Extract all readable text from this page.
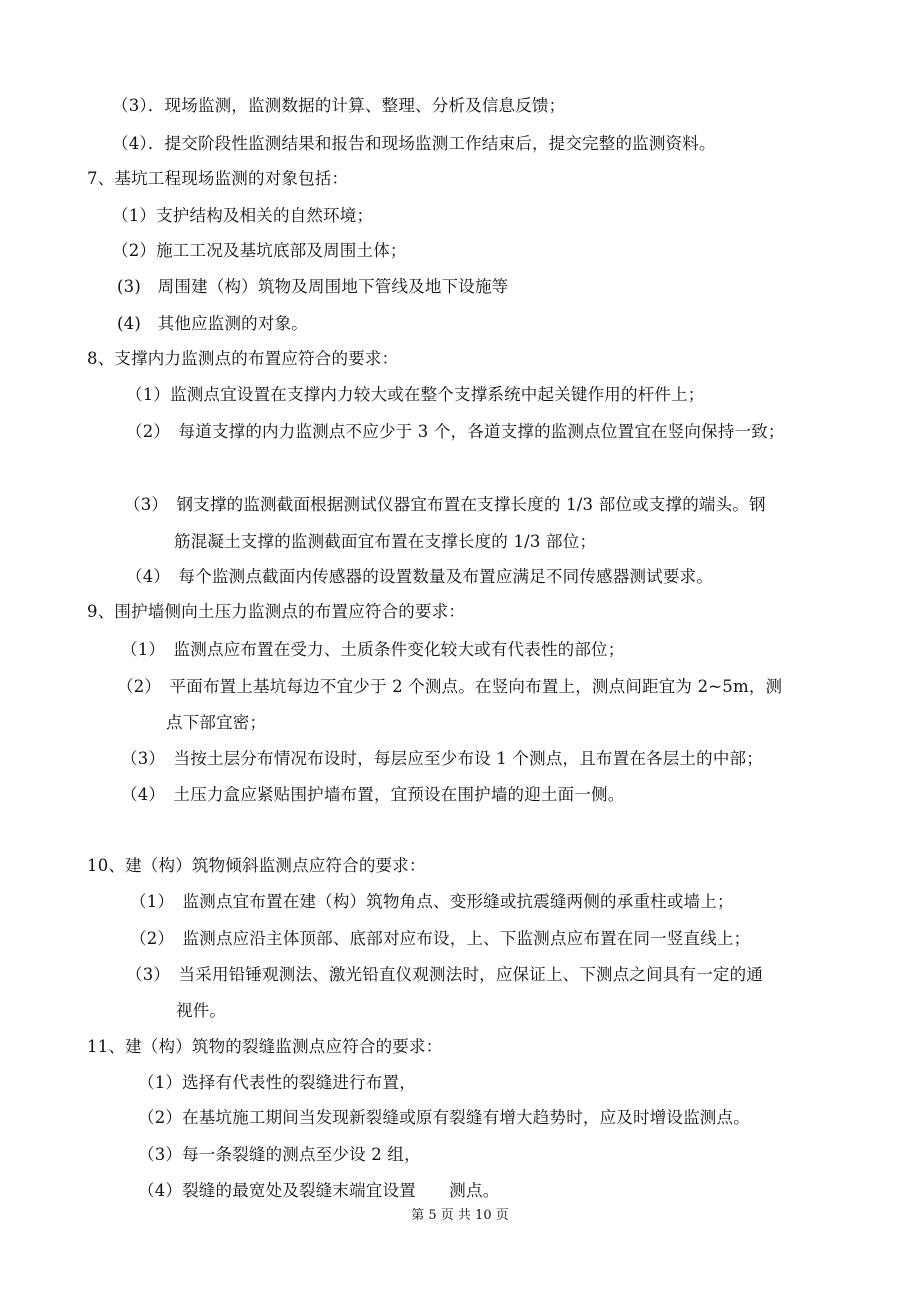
（3）．现场监测，监测数据的计算、整理、分析及信息反馈；
（4）．提交阶段性监测结果和报告和现场监测工作结束后，提交完整的监测资料。
7、基坑工程现场监测的对象包括：
（1）支护结构及相关的自然环境；
（2）施工工况及基坑底部及周围土体；
(3)　周围建（构）筑物及周围地下管线及地下设施等
(4)　其他应监测的对象。
8、支撑内力监测点的布置应符合的要求：
（1）监测点宜设置在支撑内力较大或在整个支撑系统中起关键作用的杆件上；
（2）　每道支撑的内力监测点不应少于 3 个，各道支撑的监测点位置宜在竖向保持一致；
（3）　钢支撑的监测截面根据测试仪器宜布置在支撑长度的 1/3 部位或支撑的端头。钢
筋混凝土支撑的监测截面宜布置在支撑长度的 1/3 部位；
（4）　每个监测点截面内传感器的设置数量及布置应满足不同传感器测试要求。
9、围护墙侧向土压力监测点的布置应符合的要求：
（1）　监测点应布置在受力、土质条件变化较大或有代表性的部位；
（2）　平面布置上基坑每边不宜少于 2 个测点。在竖向布置上，测点间距宜为 2~5m，测
点下部宜密；
（3）　当按土层分布情况布设时，每层应至少布设 1 个测点，且布置在各层土的中部；
（4）　土压力盒应紧贴围护墙布置，宜预设在围护墙的迎土面一侧。
10、建（构）筑物倾斜监测点应符合的要求：
（1）　监测点宜布置在建（构）筑物角点、变形缝或抗震缝两侧的承重柱或墙上；
（2）　监测点应沿主体顶部、底部对应布设，上、下监测点应布置在同一竖直线上；
（3）　当采用铅锤观测法、激光铅直仪观测法时，应保证上、下测点之间具有一定的通
视件。
11、建（构）筑物的裂缝监测点应符合的要求：
（1）选择有代表性的裂缝进行布置，
（2）在基坑施工期间当发现新裂缝或原有裂缝有增大趋势时，应及时增设监测点。
（3）每一条裂缝的测点至少设 2 组，
（4）裂缝的最宽处及裂缝末端宜设置　　测点。
第 5 页 共 10 页
